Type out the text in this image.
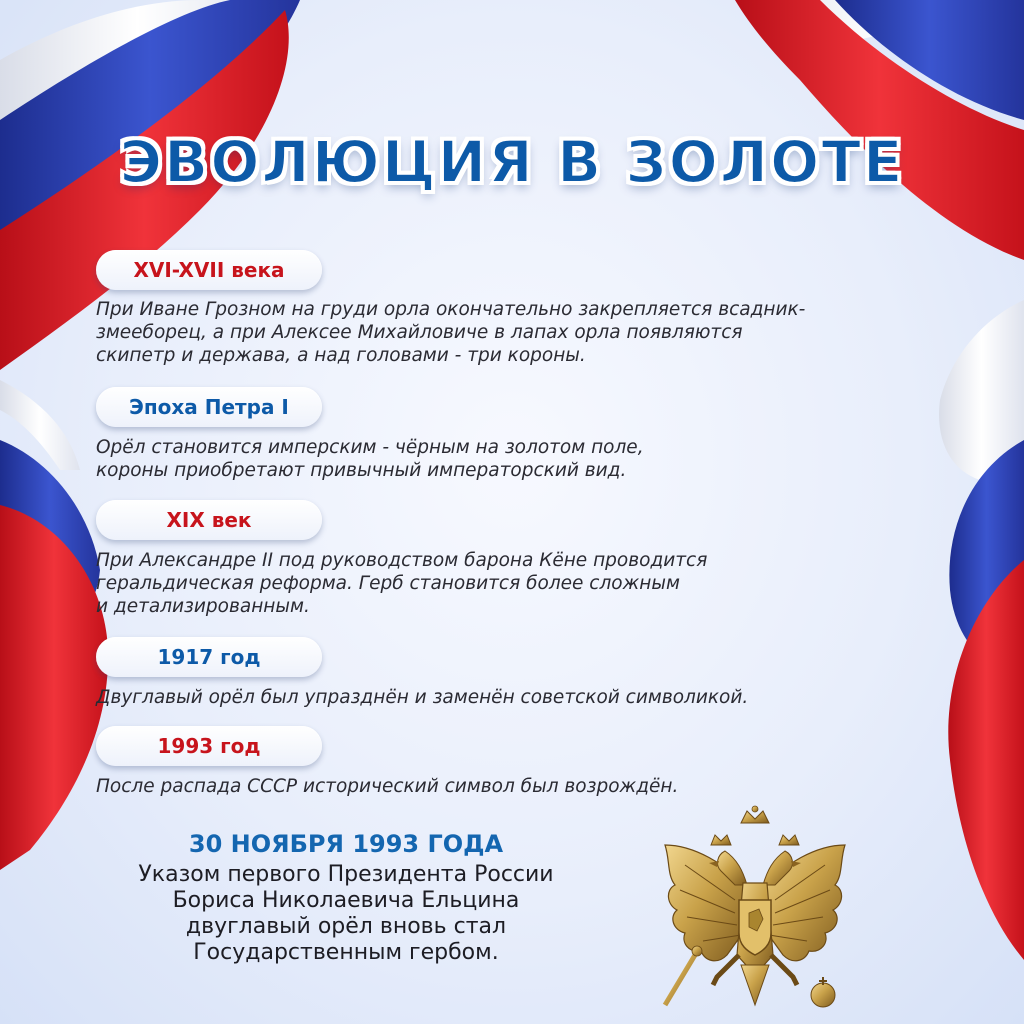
ЭВОЛЮЦИЯ В ЗОЛОТЕ
XVI-XVII века
При Иване Грозном на груди орла окончательно закрепляется всадник-
змееборец, а при Алексее Михайловиче в лапах орла появляются
скипетр и держава, а над головами - три короны.
Эпоха Петра I
Орёл становится имперским - чёрным на золотом поле,
короны приобретают привычный императорский вид.
XIX век
При Александре II под руководством барона Кёне проводится
геральдическая реформа. Герб становится более сложным
и детализированным.
1917 год
Двуглавый орёл был упразднён и заменён советской символикой.
1993 год
После распада СССР исторический символ был возрождён.

30 НОЯБРЯ 1993 ГОДА

Указом первого Президента России
Бориса Николаевича Ельцина
двуглавый орёл вновь стал
Государственным гербом.
